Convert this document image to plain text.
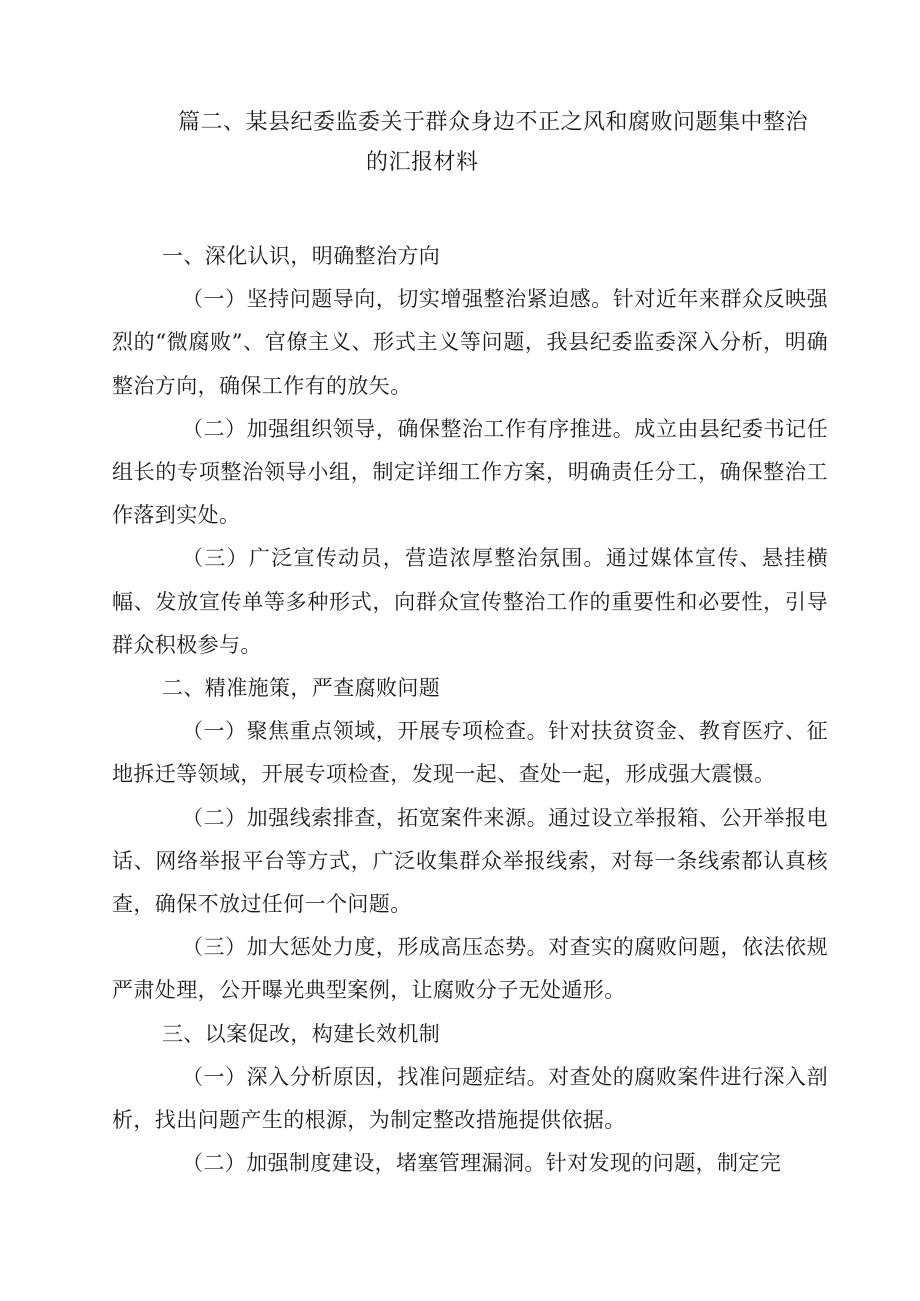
篇二、某县纪委监委关于群众身边不正之风和腐败问题集中整治
的汇报材料

一、深化认识，明确整治方向

（一）坚持问题导向，切实增强整治紧迫感。针对近年来群众反映强烈的“微腐败”、官僚主义、形式主义等问题，我县纪委监委深入分析，明确整治方向，确保工作有的放矢。

（二）加强组织领导，确保整治工作有序推进。成立由县纪委书记任组长的专项整治领导小组，制定详细工作方案，明确责任分工，确保整治工作落到实处。

（三）广泛宣传动员，营造浓厚整治氛围。通过媒体宣传、悬挂横幅、发放宣传单等多种形式，向群众宣传整治工作的重要性和必要性，引导群众积极参与。

二、精准施策，严查腐败问题

（一）聚焦重点领域，开展专项检查。针对扶贫资金、教育医疗、征地拆迁等领域，开展专项检查，发现一起、查处一起，形成强大震慑。

（二）加强线索排查，拓宽案件来源。通过设立举报箱、公开举报电话、网络举报平台等方式，广泛收集群众举报线索，对每一条线索都认真核查，确保不放过任何一个问题。

（三）加大惩处力度，形成高压态势。对查实的腐败问题，依法依规严肃处理，公开曝光典型案例，让腐败分子无处遁形。

三、以案促改，构建长效机制

（一）深入分析原因，找准问题症结。对查处的腐败案件进行深入剖析，找出问题产生的根源，为制定整改措施提供依据。

（二）加强制度建设，堵塞管理漏洞。针对发现的问题，制定完
